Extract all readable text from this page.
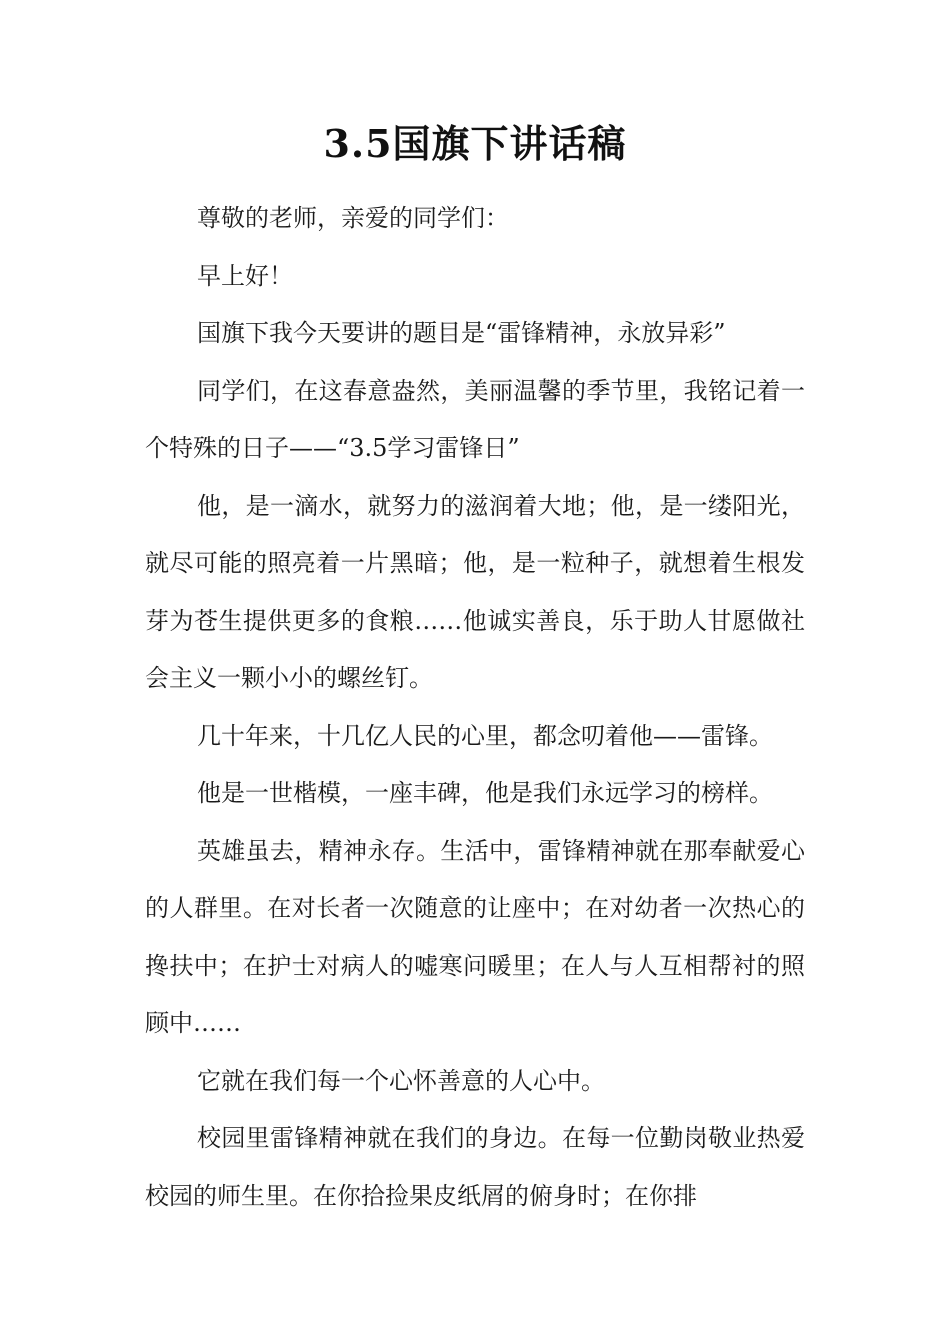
3.5国旗下讲话稿

尊敬的老师，亲爱的同学们：

早上好！

国旗下我今天要讲的题目是“雷锋精神，永放异彩”

同学们，在这春意盎然，美丽温馨的季节里，我铭记着一个特殊的日子——“3.5学习雷锋日”

他，是一滴水，就努力的滋润着大地；他，是一缕阳光，就尽可能的照亮着一片黑暗；他，是一粒种子，就想着生根发芽为苍生提供更多的食粮……他诚实善良，乐于助人甘愿做社会主义一颗小小的螺丝钉。

几十年来，十几亿人民的心里，都念叨着他——雷锋。

他是一世楷模，一座丰碑，他是我们永远学习的榜样。

英雄虽去，精神永存。生活中，雷锋精神就在那奉献爱心的人群里。在对长者一次随意的让座中；在对幼者一次热心的搀扶中；在护士对病人的嘘寒问暖里；在人与人互相帮衬的照顾中……

它就在我们每一个心怀善意的人心中。

校园里雷锋精神就在我们的身边。在每一位勤岗敬业热爱校园的师生里。在你拾捡果皮纸屑的俯身时；在你排
